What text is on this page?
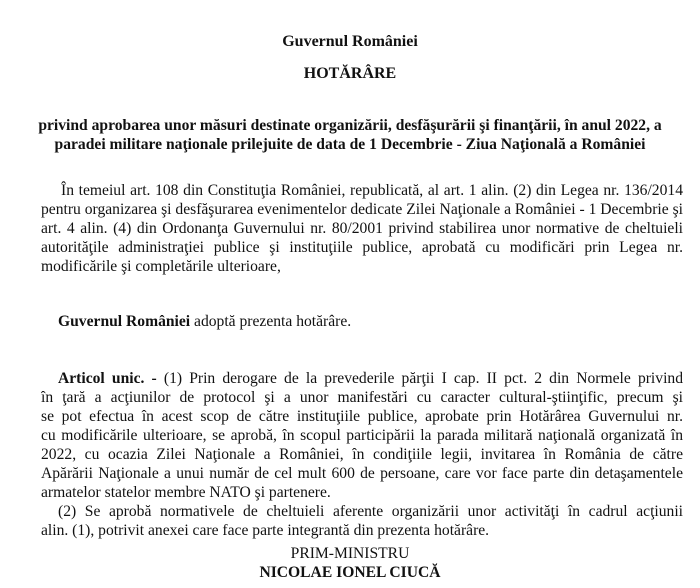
Guvernul României
HOTĂRÂRE
privind aprobarea unor măsuri destinate organizării, desfăşurării şi finanţării, în anul 2022, a
paradei militare naţionale prilejuite de data de 1 Decembrie - Ziua Naţională a României
În temeiul art. 108 din Constituţia României, republicată, al art. 1 alin. (2) din Legea nr. 136/2014
pentru organizarea şi desfăşurarea evenimentelor dedicate Zilei Naţionale a României - 1 Decembrie şi
art. 4 alin. (4) din Ordonanţa Guvernului nr. 80/2001 privind stabilirea unor normative de cheltuieli
autorităţile administraţiei publice şi instituţiile publice, aprobată cu modificări prin Legea nr.
modificările şi completările ulterioare,
Guvernul României adoptă prezenta hotărâre.
Articol unic. - (1) Prin derogare de la prevederile părţii I cap. II pct. 2 din Normele privind
în ţară a acţiunilor de protocol şi a unor manifestări cu caracter cultural-ştiinţific, precum şi
se pot efectua în acest scop de către instituţiile publice, aprobate prin Hotărârea Guvernului nr.
cu modificările ulterioare, se aprobă, în scopul participării la parada militară naţională organizată în
2022, cu ocazia Zilei Naţionale a României, în condiţiile legii, invitarea în România de către
Apărării Naţionale a unui număr de cel mult 600 de persoane, care vor face parte din detaşamentele
armatelor statelor membre NATO şi partenere.
(2) Se aprobă normativele de cheltuieli aferente organizării unor activităţi în cadrul acţiunii
alin. (1), potrivit anexei care face parte integrantă din prezenta hotărâre.
PRIM-MINISTRU
NICOLAE IONEL CIUCĂ
